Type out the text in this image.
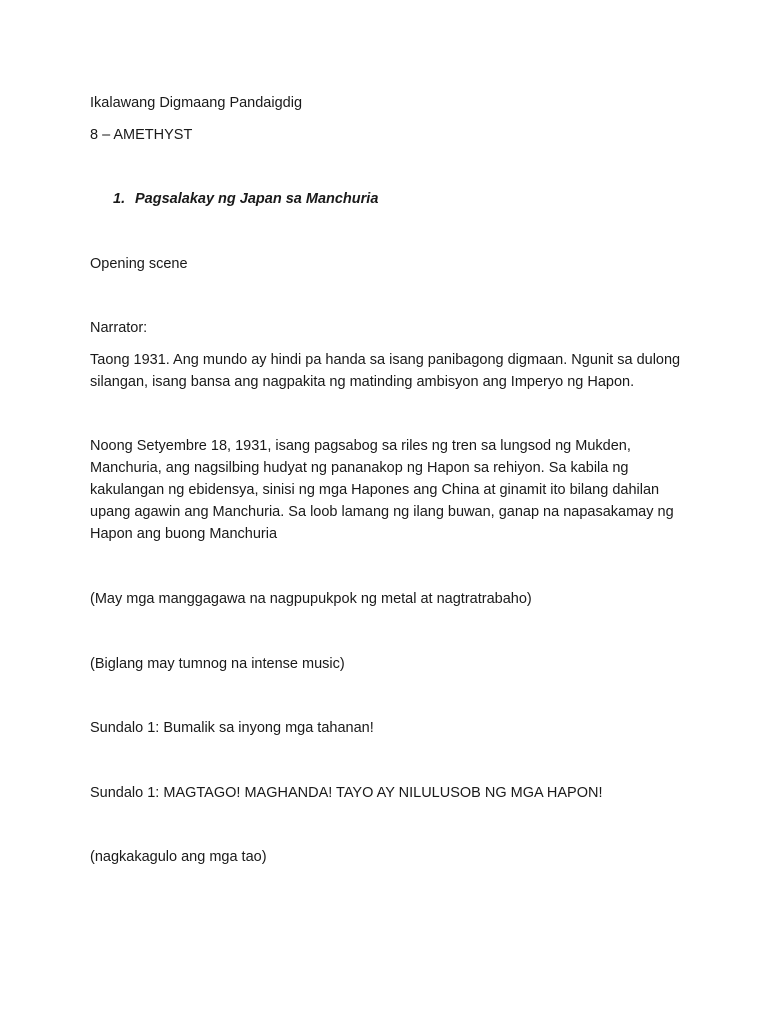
Ikalawang Digmaang Pandaigdig

8 – AMETHYST

1. Pagsalakay ng Japan sa Manchuria

Opening scene

Narrator:

Taong 1931. Ang mundo ay hindi pa handa sa isang panibagong digmaan. Ngunit sa dulong silangan, isang bansa ang nagpakita ng matinding ambisyon ang Imperyo ng Hapon.

Noong Setyembre 18, 1931, isang pagsabog sa riles ng tren sa lungsod ng Mukden, Manchuria, ang nagsilbing hudyat ng pananakop ng Hapon sa rehiyon. Sa kabila ng kakulangan ng ebidensya, sinisi ng mga Hapones ang China at ginamit ito bilang dahilan upang agawin ang Manchuria. Sa loob lamang ng ilang buwan, ganap na napasakamay ng Hapon ang buong Manchuria

(May mga manggagawa na nagpupukpok ng metal at nagtratrabaho)

(Biglang may tumnog na intense music)

Sundalo 1: Bumalik sa inyong mga tahanan!

Sundalo 1: MAGTAGO! MAGHANDA! TAYO AY NILULUSOB NG MGA HAPON!

(nagkakagulo ang mga tao)
